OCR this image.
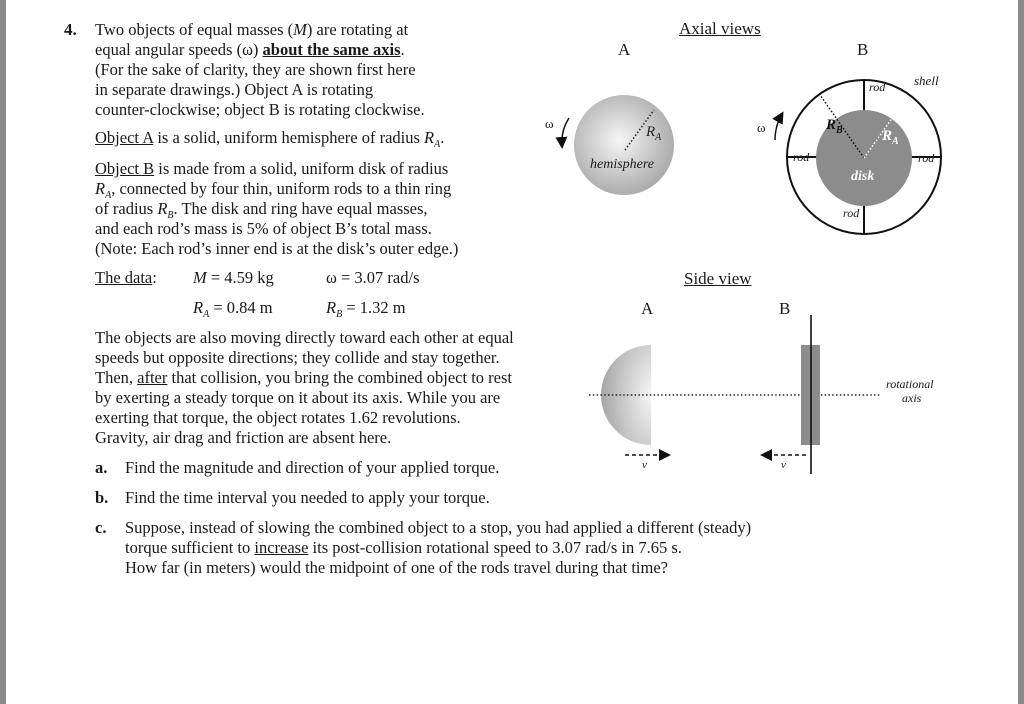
4. Two objects of equal masses (M) are rotating at
equal angular speeds (ω) about the same axis.
(For the sake of clarity, they are shown first here
in separate drawings.) Object A is rotating
counter-clockwise; object B is rotating clockwise.
Object A is a solid, uniform hemisphere of radius $R_A$.
Object B is made from a solid, uniform disk of radius
$R_A$, connected by four thin, uniform rods to a thin ring
of radius $R_B$. The disk and ring have equal masses,
and each rod’s mass is 5% of object B’s total mass.
(Note: Each rod’s inner end is at the disk’s outer edge.)
The data: M = 4.59 kg	ω = 3.07 rad/s
$R_A = 0.84$ m	$R_B = 1.32$ m
The objects are also moving directly toward each other at equal
speeds but opposite directions; they collide and stay together.
Then, after that collision, you bring the combined object to rest
by exerting a steady torque on it about its axis. While you are
exerting that torque, the object rotates 1.62 revolutions.
Gravity, air drag and friction are absent here.
a. Find the magnitude and direction of your applied torque.
b. Find the time interval you needed to apply your torque.
c. Suppose, instead of slowing the combined object to a stop, you had applied a different (steady)
torque sufficient to increase its post-collision rotational speed to 3.07 rad/s in 7.65 s.
How far (in meters) would the midpoint of one of the rods travel during that time?
Axial views
A	B
ω	ω
hemisphere
$R_A$
$R_B$	$R_A$
shell
rod
rod	rod
rod
disk
Side view
A	B
v	v
rotational
axis
